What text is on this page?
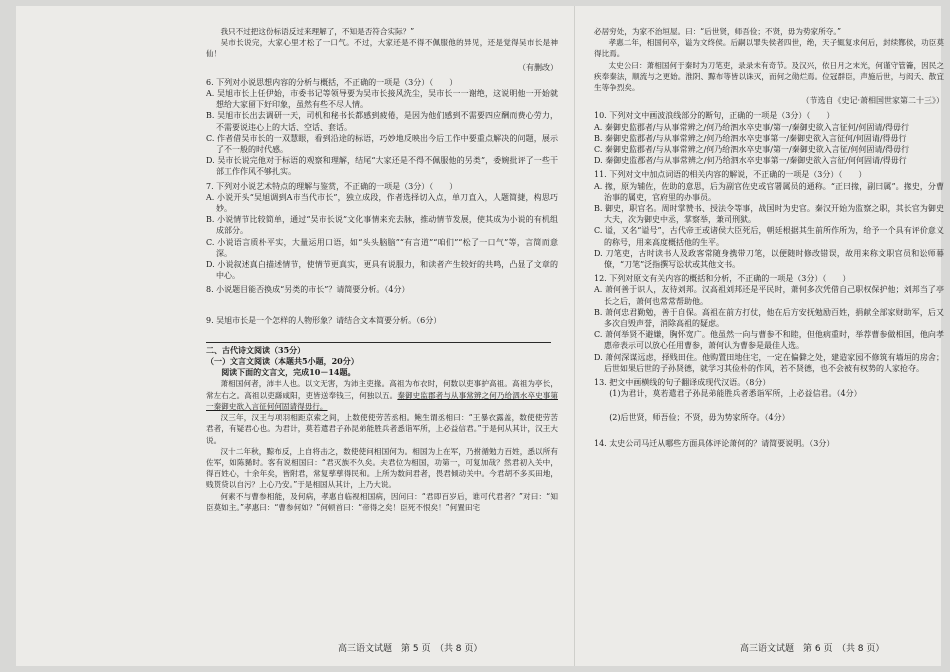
我只不过把这份标语反过来理解了，不知是否符合实际？”

吴市长说完，大家心里才松了一口气。不过，大家还是不得不佩服他的异见，还是觉得吴市长是神仙！

（有删改）

6. 下列对小说思想内容的分析与概括，不正确的一项是（3分）（　　）

A. 吴旭市长上任伊始，市委书记等领导要为吴市长接风洗尘，吴市长一一谢绝，这说明他一开始就想给大家留下好印象，虽然有些不尽人情。

B. 吴旭市长出去调研一天，司机和秘书长都感到疲倦，是因为他们感到不需要四应酬而费心劳力，不需要说违心上的大话、空话、套话。

C. 作者借吴市长的一双慧眼，看到沿途的标语，巧妙地反映出今后工作中要重点解决的问题，展示了不一般的时代感。

D. 吴市长说完他对于标语的观察和理解，结尾“大家还是不得不佩服他的另类”，委婉批评了一些干部工作作风不够扎实。

7. 下列对小说艺术特点的理解与鉴赏，不正确的一项是（3分）（　　）

A. 小说开头“吴旭调到A市当代市长”，独立成段，作者选择切入点，单刀直入，人题简捷，构思巧妙。

B. 小说情节比较简单，通过“吴市长说”文化事情来充去脉，推动情节发展，使其成为小说的有机组成部分。

C. 小说语言质朴平实，大量运用口语，如“头头脑脑”“有言道”“咱们”“松了一口气”等，言简而意深。

D. 小说叙述真白描述情节，使情节更真实，更具有说服力，和读者产生较好的共鸣，凸显了文章的中心。

8. 小说题目能否换成“另类的市长”？请简要分析。（4分）

9. 吴旭市长是一个怎样的人物形象？请结合文本简要分析。（6分）

二、古代诗文阅读（35分）

（一）文言文阅读（本题共5小题，20分）

阅读下面的文言文，完成10－14题。

萧相国何者，沛丰人也。以文无害，为沛主吏掾。高祖为布衣时，何数以吏事护高祖。高祖为亭长，常左右之。高祖以吏繇咸阳，吏皆送奉钱三，何独以五。秦御史监郡者与从事常辨之何乃给泗水卒史事第一秦御史欲入言征何何固请得毋行。

汉三年，汉王与项羽相距京索之间，上数使使劳苦丞相。鲍生谓丞相曰：“王暴衣露盖，数使使劳苦君者，有疑君心也。为君计，莫若遣君子孙昆弟能胜兵者悉诣军所，上必益信君。”于是何从其计，汉王大说。

汉十二年秋，黥布反，上自将击之，数使使问相国何为。相国为上在军，乃拊循勉力百姓，悉以所有佐军，如陈豨时。客有说相国曰：“君灭族不久矣。夫君位为相国，功第一，可复加哉？然君初入关中，得百姓心，十余年矣，皆附君，常复孳孳得民和。上所为数问君者，畏君倾动关中。今君胡不多买田地，贱贳贷以自污？上心乃安。”于是相国从其计，上乃大说。

何素不与曹参相能，及何病，孝惠自临视相国病，因问曰：“君即百岁后，谁可代君者？”对曰：“知臣莫如主。”孝惠曰：“曹参何如？”何顿首曰：“帝得之矣！臣死不恨矣！”何置田宅

高三语文试题　第 5 页　（共 8 页）

必居穷处，为家不治垣屋。曰：“后世贤，师吾俭；不贤，毋为势家所夺。”

孝惠二年，相国何卒，谥为文终侯。后嗣以罪失侯者四世，绝，天子辄复求何后，封续酂侯，功臣莫得比焉。

太史公曰：萧相国何于秦时为刀笔吏，录录未有奇节。及汉兴，依日月之末光，何谨守管籥，因民之疾奉秦法，顺流与之更始。淮阴、黥布等皆以诛灭，而何之勋烂焉。位冠群臣，声施后世，与闳夭、散宜生等争烈矣。

（节选自《史记·萧相国世家第二十三》）

10. 下列对文中画波浪线部分的断句，正确的一项是（3分）（　　）

A. 秦御史监郡者/与从事常辨之/何乃给泗水卒史事/第一/秦御史欲入言征何/何固请/得毋行

B. 秦御史监郡者/与从事常辨之/何乃给泗水卒史事第一/秦御史欲入言征何/何固请/得毋行

C. 秦御史监郡者/与从事常辨之/何乃给泗水卒史事/第一/秦御史欲入言征/何何固请/得毋行

D. 秦御史监郡者/与从事常辨之/何乃给泗水卒史事第一/秦御史欲入言征/何何固请/得毋行

11. 下列对文中加点词语的相关内容的解说，不正确的一项是（3分）（　　）

A. 掾，原为辅佐，佐助的意思，后为副官佐史或官署属员的通称。“正曰掾，副曰属”。掾史，分曹治事的属吏，官府里的办事员。

B. 御史，职官名。周时掌赞书、授法令等事，战国时为史官。秦汉开始为监察之职，其长官为御史大夫，次为御史中丞，掌察举，兼司刑狱。

C. 谥，又名“谥号”，古代帝王或诸侯大臣死后，朝廷根据其生前所作所为，给予一个具有评价意义的称号，用来高度概括他的生平。

D. 刀笔吏，古时读书人及政客常随身携带刀笔，以便随时修改错误，故用来称文职官员和讼师幕僚，“刀笔”泛指撰写讼状或其他文书。

12. 下列对原文有关内容的概括和分析，不正确的一项是（3分）（　　）

A. 萧何善于识人，友待刘邦。汉高祖刘邦还是平民时，萧何多次凭借自己职权保护他；刘邦当了亭长之后，萧何也常常帮助他。

B. 萧何忠君勤勉，善于自保。高祖在前方打仗，他在后方安抚勉励百姓，捐献全部家财助军，后又多次自毁声誉，消除高祖的疑虑。

C. 萧何举贤不避嫌，胸怀宽广。他虽然一向与曹参不和睦，但他病重时，举荐曹参做相国，他向孝惠帝表示可以放心任用曹参，萧何认为曹参是最佳人选。

D. 萧何深谋远虑，择贱田住。他购置田地住宅，一定在偏僻之处，建造家园不修筑有墙垣的房舍；后世如果后世的子孙贤德，就学习其俭朴的作风，若不贤德，也不会被有权势的人家抢夺。

13. 把文中画横线的句子翻译成现代汉语。（8分）

(1)为君计，莫若遣君子孙昆弟能胜兵者悉诣军所，上必益信君。（4分）

(2)后世贤，师吾俭；不贤，毋为势家所夺。（4分）

14. 太史公司马迁从哪些方面具体评论萧何的？请简要说明。（3分）

高三语文试题　第 6 页　（共 8 页）
